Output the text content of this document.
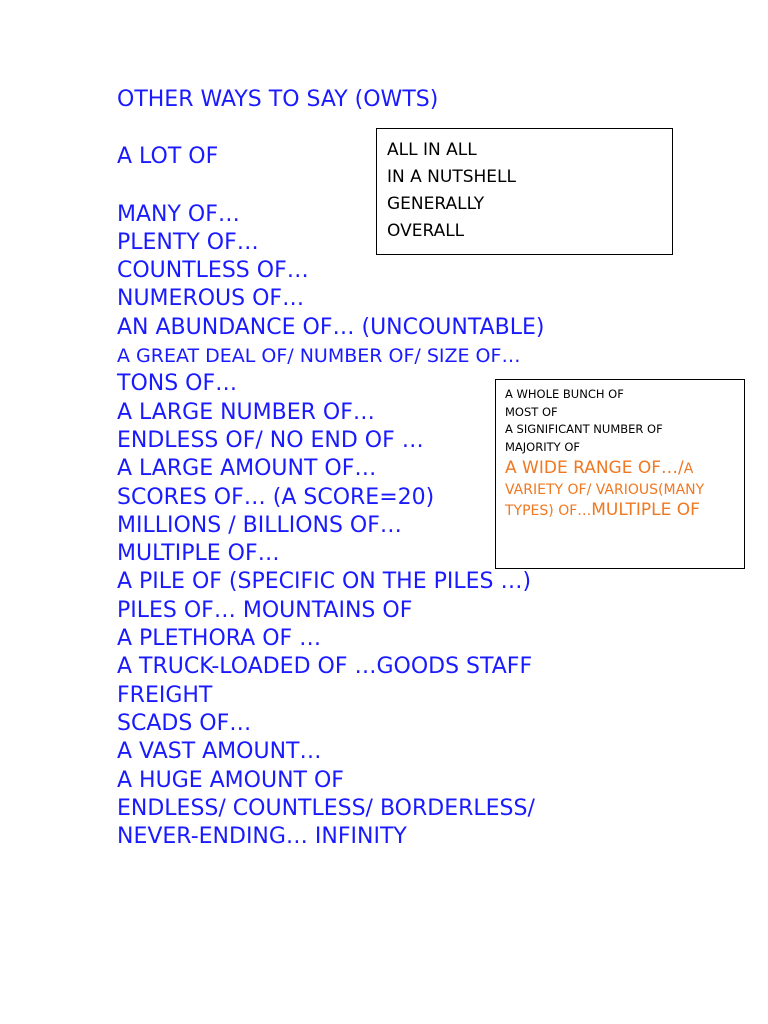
OTHER WAYS TO SAY (OWTS)
A LOT OF
MANY OF…
PLENTY OF…
COUNTLESS OF…
NUMEROUS OF…
AN ABUNDANCE OF… (UNCOUNTABLE)
A GREAT DEAL OF/ NUMBER OF/ SIZE OF…
TONS OF…
A LARGE NUMBER OF…
ENDLESS OF/ NO END OF …
A LARGE AMOUNT OF…
SCORES OF… (A SCORE=20)
MILLIONS / BILLIONS OF…
MULTIPLE OF…
A PILE OF (SPECIFIC ON THE PILES …)
PILES OF… MOUNTAINS OF
A PLETHORA OF …
A TRUCK-LOADED OF …GOODS STAFF
FREIGHT
SCADS OF…
A VAST AMOUNT…
A HUGE AMOUNT OF
ENDLESS/ COUNTLESS/ BORDERLESS/
NEVER-ENDING… INFINITY
ALL IN ALL
IN A NUTSHELL
GENERALLY
OVERALL
A WHOLE BUNCH OF
MOST OF
A SIGNIFICANT NUMBER OF
MAJORITY OF
A WIDE RANGE OF…/A VARIETY OF/ VARIOUS(MANY TYPES) OF…MULTIPLE OF
